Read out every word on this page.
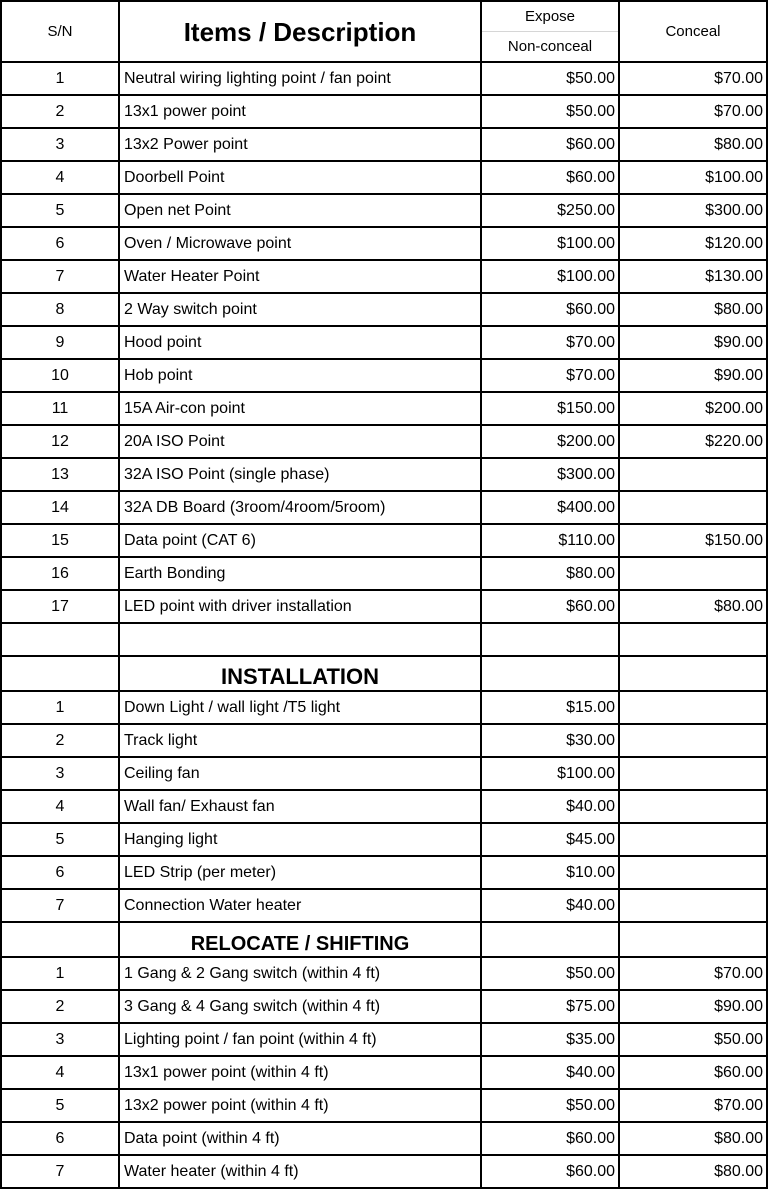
S/N	Items / Description	Expose	Conceal
		Non-conceal	
1	Neutral wiring lighting point / fan point	$50.00	$70.00
2	13x1 power point	$50.00	$70.00
3	13x2 Power point	$60.00	$80.00
4	Doorbell Point	$60.00	$100.00
5	Open net Point	$250.00	$300.00
6	Oven / Microwave point	$100.00	$120.00
7	Water Heater Point	$100.00	$130.00
8	2 Way switch point	$60.00	$80.00
9	Hood point	$70.00	$90.00
10	Hob point	$70.00	$90.00
11	15A Air-con point	$150.00	$200.00
12	20A ISO Point	$200.00	$220.00
13	32A ISO Point (single phase)	$300.00	
14	32A DB Board (3room/4room/5room)	$400.00	
15	Data point (CAT 6)	$110.00	$150.00
16	Earth Bonding	$80.00	
17	LED point with driver installation	$60.00	$80.00

	INSTALLATION		
1	Down Light / wall light /T5 light	$15.00	
2	Track light	$30.00	
3	Ceiling fan	$100.00	
4	Wall fan/ Exhaust fan	$40.00	
5	Hanging light	$45.00	
6	LED Strip (per meter)	$10.00	
7	Connection Water heater	$40.00	
	RELOCATE / SHIFTING		
1	1 Gang & 2 Gang switch (within 4 ft)	$50.00	$70.00
2	3 Gang & 4 Gang switch (within 4 ft)	$75.00	$90.00
3	Lighting point / fan point (within 4 ft)	$35.00	$50.00
4	13x1 power point (within 4 ft)	$40.00	$60.00
5	13x2 power point (within 4 ft)	$50.00	$70.00
6	Data point (within 4 ft)	$60.00	$80.00
7	Water heater (within 4 ft)	$60.00	$80.00
